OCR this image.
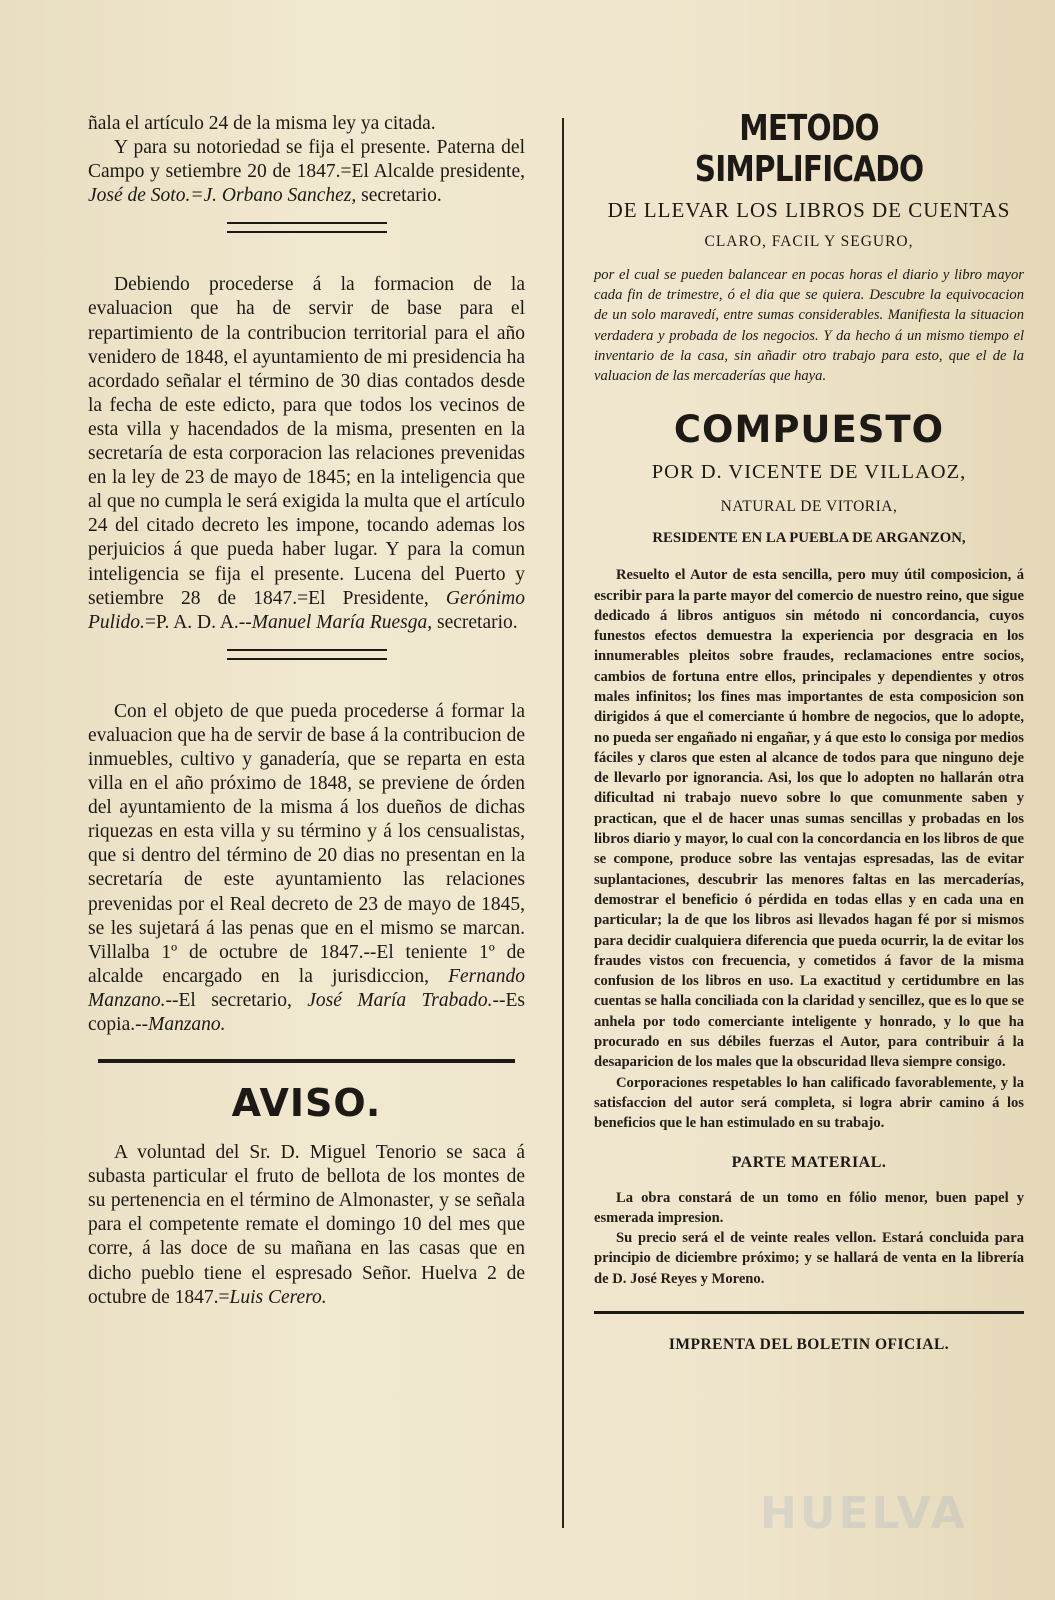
ñala el artículo 24 de la misma ley ya citada.

Y para su notoriedad se fija el presente. Paterna del Campo y setiembre 20 de 1847.=El Alcalde presidente, José de Soto.=J. Orbano Sanchez, secretario.

Debiendo procederse á la formacion de la evaluacion que ha de servir de base para el repartimiento de la contribucion territorial para el año venidero de 1848, el ayuntamiento de mi presidencia ha acordado señalar el término de 30 dias contados desde la fecha de este edicto, para que todos los vecinos de esta villa y hacendados de la misma, presenten en la secretaría de esta corporacion las relaciones prevenidas en la ley de 23 de mayo de 1845; en la inteligencia que al que no cumpla le será exigida la multa que el artículo 24 del citado decreto les impone, tocando ademas los perjuicios á que pueda haber lugar. Y para la comun inteligencia se fija el presente. Lucena del Puerto y setiembre 28 de 1847.=El Presidente, Gerónimo Pulido.=P. A. D. A.--Manuel María Ruesga, secretario.

Con el objeto de que pueda procederse á formar la evaluacion que ha de servir de base á la contribucion de inmuebles, cultivo y ganadería, que se reparta en esta villa en el año próximo de 1848, se previene de órden del ayuntamiento de la misma á los dueños de dichas riquezas en esta villa y su término y á los censualistas, que si dentro del término de 20 dias no presentan en la secretaría de este ayuntamiento las relaciones prevenidas por el Real decreto de 23 de mayo de 1845, se les sujetará á las penas que en el mismo se marcan. Villalba 1º de octubre de 1847.--El teniente 1º de alcalde encargado en la jurisdiccion, Fernando Manzano.--El secretario, José María Trabado.--Es copia.--Manzano.

AVISO.

A voluntad del Sr. D. Miguel Tenorio se saca á subasta particular el fruto de bellota de los montes de su pertenencia en el término de Almonaster, y se señala para el competente remate el domingo 10 del mes que corre, á las doce de su mañana en las casas que en dicho pueblo tiene el espresado Señor. Huelva 2 de octubre de 1847.=Luis Cerero.

METODO SIMPLIFICADO
DE LLEVAR LOS LIBROS DE CUENTAS
CLARO, FACIL Y SEGURO,

por el cual se pueden balancear en pocas horas el diario y libro mayor cada fin de trimestre, ó el dia que se quiera. Descubre la equivocacion de un solo maravedí, entre sumas considerables. Manifiesta la situacion verdadera y probada de los negocios. Y da hecho á un mismo tiempo el inventario de la casa, sin añadir otro trabajo para esto, que el de la valuacion de las mercaderías que haya.

COMPUESTO
POR D. VICENTE DE VILLAOZ,
NATURAL DE VITORIA,
RESIDENTE EN LA PUEBLA DE ARGANZON,

Resuelto el Autor de esta sencilla, pero muy útil composicion, á escribir para la parte mayor del comercio de nuestro reino, que sigue dedicado á libros antiguos sin método ni concordancia, cuyos funestos efectos demuestra la experiencia por desgracia en los innumerables pleitos sobre fraudes, reclamaciones entre socios, cambios de fortuna entre ellos, principales y dependientes y otros males infinitos; los fines mas importantes de esta composicion son dirigidos á que el comerciante ú hombre de negocios, que lo adopte, no pueda ser engañado ni engañar, y á que esto lo consiga por medios fáciles y claros que esten al alcance de todos para que ninguno deje de llevarlo por ignorancia. Asi, los que lo adopten no hallarán otra dificultad ni trabajo nuevo sobre lo que comunmente saben y practican, que el de hacer unas sumas sencillas y probadas en los libros diario y mayor, lo cual con la concordancia en los libros de que se compone, produce sobre las ventajas espresadas, las de evitar suplantaciones, descubrir las menores faltas en las mercaderías, demostrar el beneficio ó pérdida en todas ellas y en cada una en particular; la de que los libros asi llevados hagan fé por si mismos para decidir cualquiera diferencia que pueda ocurrir, la de evitar los fraudes vistos con frecuencia, y cometidos á favor de la misma confusion de los libros en uso. La exactitud y certidumbre en las cuentas se halla conciliada con la claridad y sencillez, que es lo que se anhela por todo comerciante inteligente y honrado, y lo que ha procurado en sus débiles fuerzas el Autor, para contribuir á la desaparicion de los males que la obscuridad lleva siempre consigo.

Corporaciones respetables lo han calificado favorablemente, y la satisfaccion del autor será completa, si logra abrir camino á los beneficios que le han estimulado en su trabajo.

PARTE MATERIAL.

La obra constará de un tomo en fólio menor, buen papel y esmerada impresion.

Su precio será el de veinte reales vellon. Estará concluida para principio de diciembre próximo; y se hallará de venta en la librería de D. José Reyes y Moreno.

IMPRENTA DEL BOLETIN OFICIAL.
HUELVA
